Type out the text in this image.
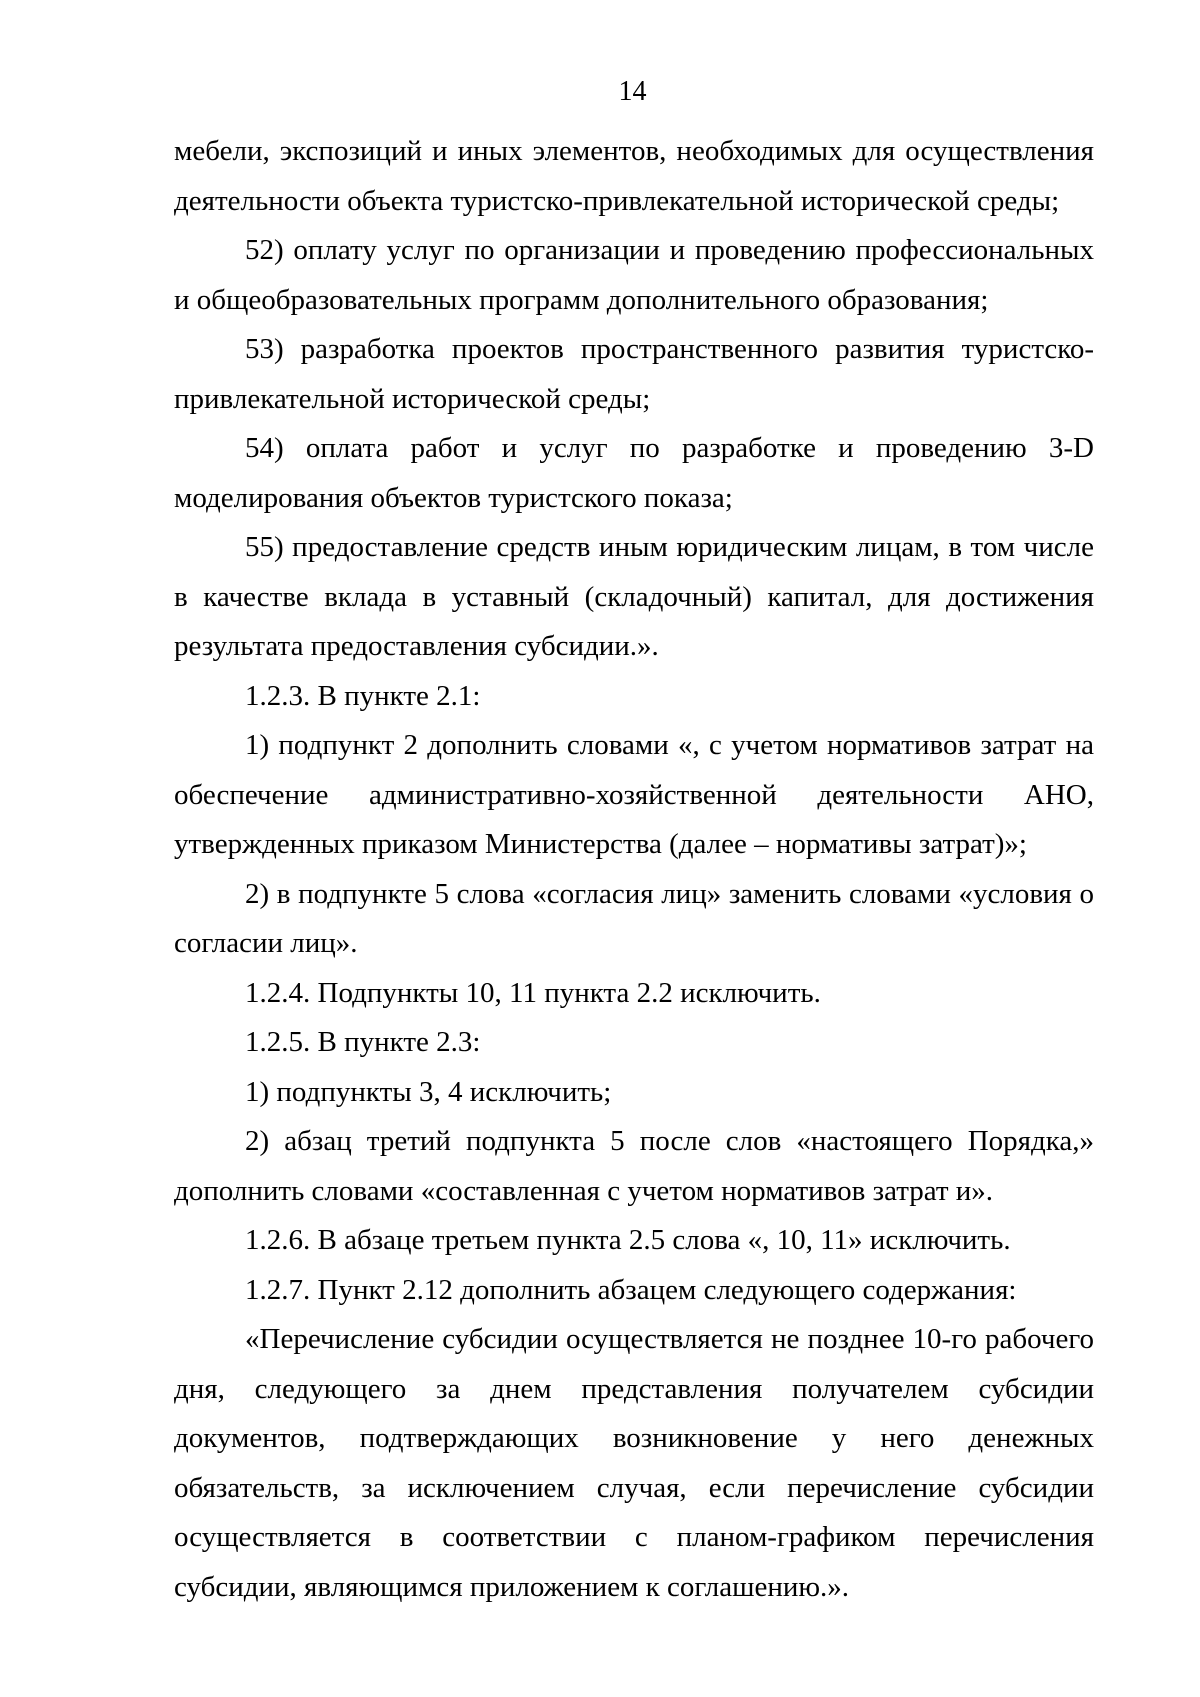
14

мебели, экспозиций и иных элементов, необходимых для осуществления деятельности объекта туристско-привлекательной исторической среды;

52) оплату услуг по организации и проведению профессиональных и общеобразовательных программ дополнительного образования;

53) разработка проектов пространственного развития туристско-привлекательной исторической среды;

54) оплата работ и услуг по разработке и проведению 3-D моделирования объектов туристского показа;

55) предоставление средств иным юридическим лицам, в том числе в качестве вклада в уставный (складочный) капитал, для достижения результата предоставления субсидии.».

1.2.3. В пункте 2.1:

1) подпункт 2 дополнить словами «, с учетом нормативов затрат на обеспечение административно-хозяйственной деятельности АНО, утвержденных приказом Министерства (далее – нормативы затрат)»;

2) в подпункте 5 слова «согласия лиц» заменить словами «условия о согласии лиц».

1.2.4. Подпункты 10, 11 пункта 2.2 исключить.

1.2.5. В пункте 2.3:

1) подпункты 3, 4 исключить;

2) абзац третий подпункта 5 после слов «настоящего Порядка,» дополнить словами «составленная с учетом нормативов затрат и».

1.2.6. В абзаце третьем пункта 2.5 слова «, 10, 11» исключить.

1.2.7. Пункт 2.12 дополнить абзацем следующего содержания:

«Перечисление субсидии осуществляется не позднее 10-го рабочего дня, следующего за днем представления получателем субсидии документов, подтверждающих возникновение у него денежных обязательств, за исключением случая, если перечисление субсидии осуществляется в соответствии с планом-графиком перечисления субсидии, являющимся приложением к соглашению.».
